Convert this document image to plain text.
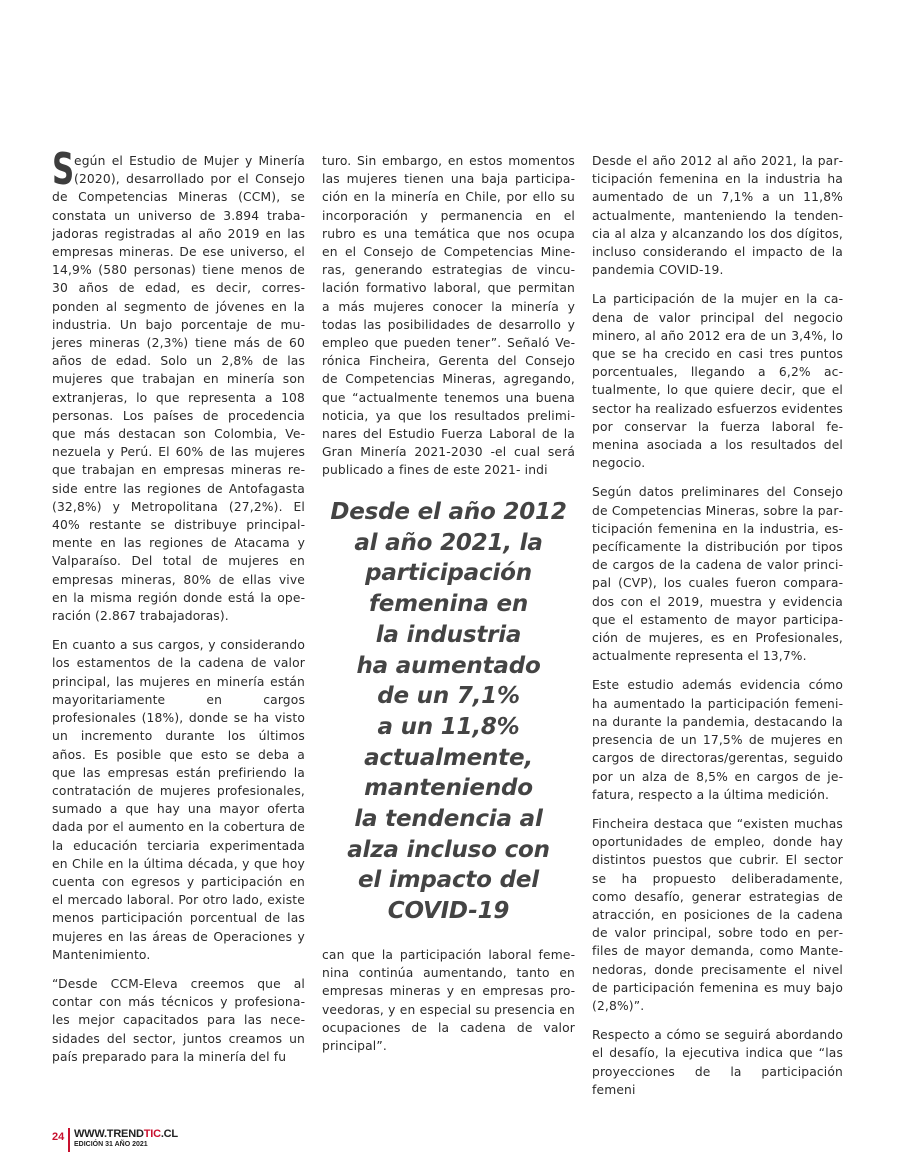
Según el Estudio de Mujer y Minería (2020), desarrollado por el Consejo de Competencias Mineras (CCM), se constata un universo de 3.894 trabajadoras registradas al año 2019 en las empresas mineras. De ese universo, el 14,9% (580 personas) tiene menos de 30 años de edad, es decir, corresponden al segmento de jóvenes en la industria. Un bajo porcentaje de mujeres mineras (2,3%) tiene más de 60 años de edad. Solo un 2,8% de las mujeres que trabajan en minería son extranjeras, lo que representa a 108 personas. Los países de procedencia que más destacan son Colombia, Venezuela y Perú. El 60% de las mujeres que trabajan en empresas mineras reside entre las regiones de Antofagasta (32,8%) y Metropolitana (27,2%). El 40% restante se distribuye principalmente en las regiones de Atacama y Valparaíso. Del total de mujeres en empresas mineras, 80% de ellas vive en la misma región donde está la operación (2.867 trabajadoras).

En cuanto a sus cargos, y considerando los estamentos de la cadena de valor principal, las mujeres en minería están mayoritariamente en cargos profesionales (18%), donde se ha visto un incremento durante los últimos años. Es posible que esto se deba a que las empresas están prefiriendo la contratación de mujeres profesionales, sumado a que hay una mayor oferta dada por el aumento en la cobertura de la educación terciaria experimentada en Chile en la última década, y que hoy cuenta con egresos y participación en el mercado laboral. Por otro lado, existe menos participación porcentual de las mujeres en las áreas de Operaciones y Mantenimiento.

“Desde CCM-Eleva creemos que al contar con más técnicos y profesionales mejor capacitados para las necesidades del sector, juntos creamos un país preparado para la minería del fu

turo. Sin embargo, en estos momentos las mujeres tienen una baja participación en la minería en Chile, por ello su incorporación y permanencia en el rubro es una temática que nos ocupa en el Consejo de Competencias Mineras, generando estrategias de vinculación formativo laboral, que permitan a más mujeres conocer la minería y todas las posibilidades de desarrollo y empleo que pueden tener”. Señaló Verónica Fincheira, Gerenta del Consejo de Competencias Mineras, agregando, que “actualmente tenemos una buena noticia, ya que los resultados preliminares del Estudio Fuerza Laboral de la Gran Minería 2021-2030 -el cual será publicado a fines de este 2021- indi

Desde el año 2012
al año 2021, la
participación
femenina en
la industria
ha aumentado
de un 7,1%
a un 11,8%
actualmente,
manteniendo
la tendencia al
alza incluso con
el impacto del
COVID-19

can que la participación laboral femenina continúa aumentando, tanto en empresas mineras y en empresas proveedoras, y en especial su presencia en ocupaciones de la cadena de valor principal”.

Desde el año 2012 al año 2021, la participación femenina en la industria ha aumentado de un 7,1% a un 11,8% actualmente, manteniendo la tendencia al alza y alcanzando los dos dígitos, incluso considerando el impacto de la pandemia COVID-19.

La participación de la mujer en la cadena de valor principal del negocio minero, al año 2012 era de un 3,4%, lo que se ha crecido en casi tres puntos porcentuales, llegando a 6,2% actualmente, lo que quiere decir, que el sector ha realizado esfuerzos evidentes por conservar la fuerza laboral femenina asociada a los resultados del negocio.

Según datos preliminares del Consejo de Competencias Mineras, sobre la participación femenina en la industria, específicamente la distribución por tipos de cargos de la cadena de valor principal (CVP), los cuales fueron comparados con el 2019, muestra y evidencia que el estamento de mayor participación de mujeres, es en Profesionales, actualmente representa el 13,7%.

Este estudio además evidencia cómo ha aumentado la participación femenina durante la pandemia, destacando la presencia de un 17,5% de mujeres en cargos de directoras/gerentas, seguido por un alza de 8,5% en cargos de jefatura, respecto a la última medición.

Fincheira destaca que “existen muchas oportunidades de empleo, donde hay distintos puestos que cubrir. El sector se ha propuesto deliberadamente, como desafío, generar estrategias de atracción, en posiciones de la cadena de valor principal, sobre todo en perfiles de mayor demanda, como Mantenedoras, donde precisamente el nivel de participación femenina es muy bajo (2,8%)”.

Respecto a cómo se seguirá abordando el desafío, la ejecutiva indica que “las proyecciones de la participación femeni

24 WWW.TRENDTIC.CL
EDICIÓN 31 AÑO 2021
